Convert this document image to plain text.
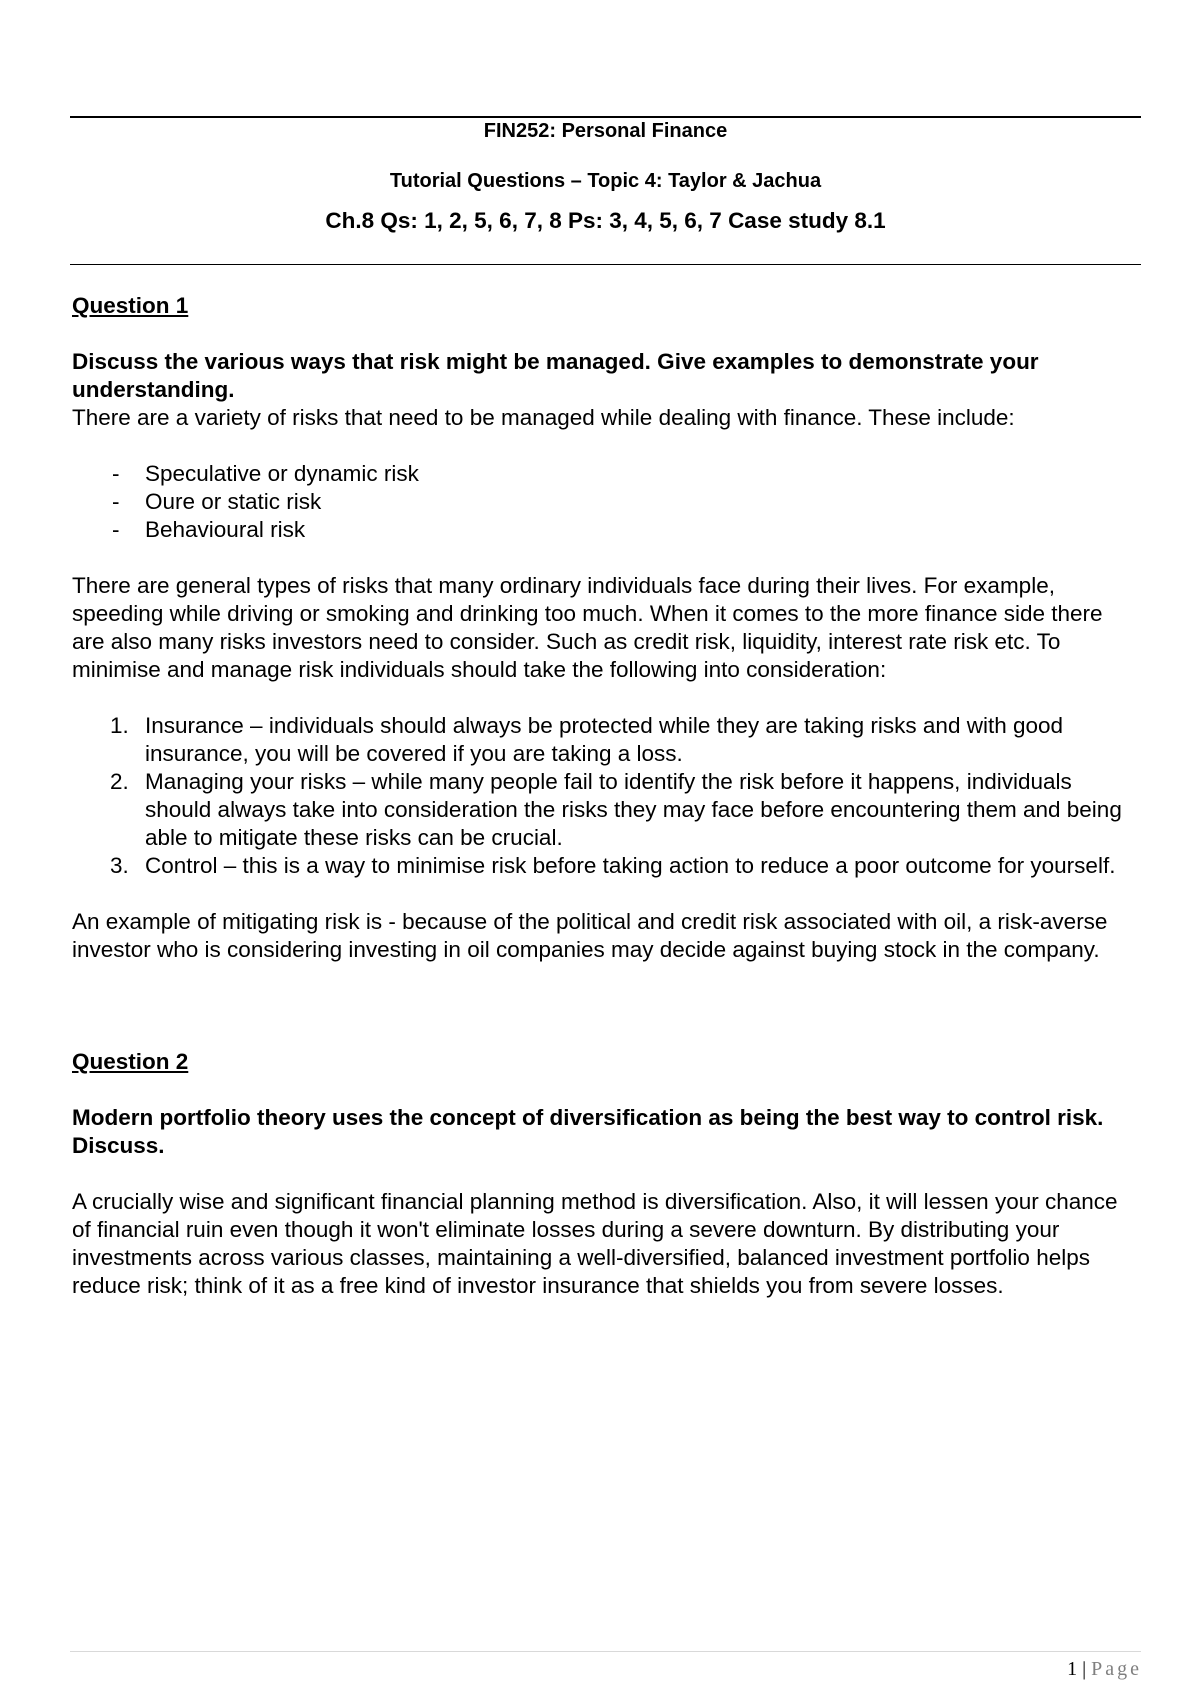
FIN252: Personal Finance
Tutorial Questions – Topic 4: Taylor & Jachua
Ch.8 Qs: 1, 2, 5, 6, 7, 8 Ps: 3, 4, 5, 6, 7 Case study 8.1

Question 1

Discuss the various ways that risk might be managed. Give examples to demonstrate your understanding.

There are a variety of risks that need to be managed while dealing with finance. These include:

- Speculative or dynamic risk
- Oure or static risk
- Behavioural risk

There are general types of risks that many ordinary individuals face during their lives. For example, speeding while driving or smoking and drinking too much. When it comes to the more finance side there are also many risks investors need to consider. Such as credit risk, liquidity, interest rate risk etc. To minimise and manage risk individuals should take the following into consideration:

1. Insurance – individuals should always be protected while they are taking risks and with good insurance, you will be covered if you are taking a loss.
2. Managing your risks – while many people fail to identify the risk before it happens, individuals should always take into consideration the risks they may face before encountering them and being able to mitigate these risks can be crucial.
3. Control – this is a way to minimise risk before taking action to reduce a poor outcome for yourself.

An example of mitigating risk is - because of the political and credit risk associated with oil, a risk-averse investor who is considering investing in oil companies may decide against buying stock in the company.

Question 2

Modern portfolio theory uses the concept of diversification as being the best way to control risk. Discuss.

A crucially wise and significant financial planning method is diversification. Also, it will lessen your chance of financial ruin even though it won't eliminate losses during a severe downturn. By distributing your investments across various classes, maintaining a well-diversified, balanced investment portfolio helps reduce risk; think of it as a free kind of investor insurance that shields you from severe losses.

1 | Page
